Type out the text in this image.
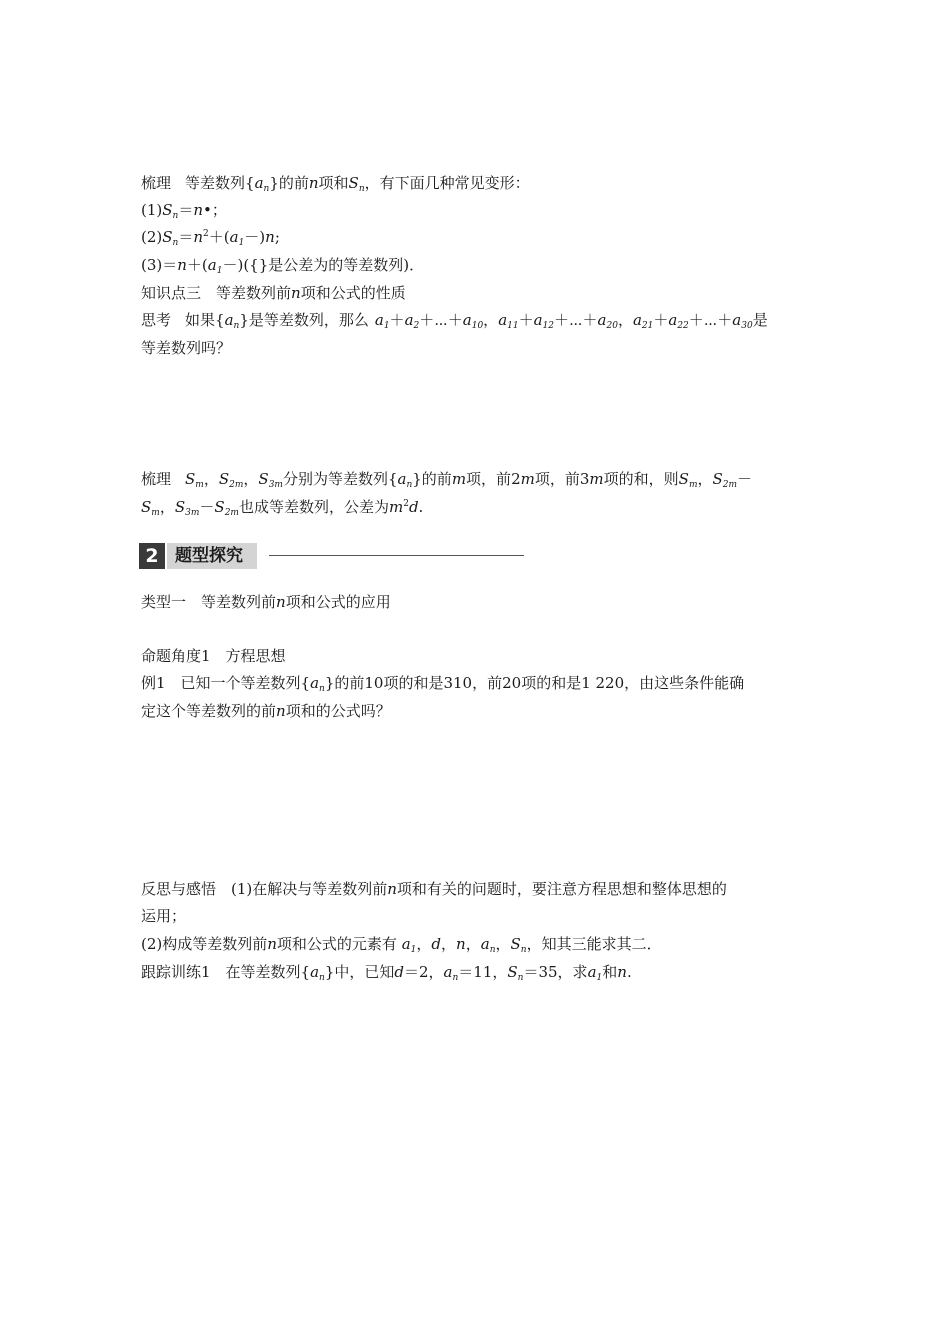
梳理 等差数列$\{a_n\}$的前n项和$S_n$，有下面几种常见变形：
$(1)S_n=n•$；
$(2)S_n=n^2+(a_1-)n$;
$(3)=n+(a_1-)(\{\}$是公差为的等差数列)．
知识点三　等差数列前n项和公式的性质
思考 如果$\{a_n\}$是等差数列，那么 $a_1+a_2+\cdots+a_{10}$，$a_{11}+a_{12}+\cdots+a_{20}$，$a_{21}+a_{22}+\cdots+a_{30}$是
等差数列吗？
梳理 $S_m$，$S_{2m}$，$S_{3m}$分别为等差数列$\{a_n\}$的前m项，前2m项，前3m项的和，则$S_m$，$S_{2m}-$
$S_m$，$S_{3m}-S_{2m}$也成等差数列，公差为$m^2d$.
2 题型探究
类型一　等差数列前n项和公式的应用
命题角度1　方程思想
例1　已知一个等差数列$\{a_n\}$的前10项的和是310，前20项的和是1 220，由这些条件能确
定这个等差数列的前n项和的公式吗？
反思与感悟　(1)在解决与等差数列前n项和有关的问题时，要注意方程思想和整体思想的
运用；
(2)构成等差数列前n项和公式的元素有 $a_1$，d，n，$a_n$，$S_n$，知其三能求其二．
跟踪训练1　在等差数列$\{a_n\}$中，已知d＝2，$a_n=11$，$S_n=35$，求$a_1$和n.
